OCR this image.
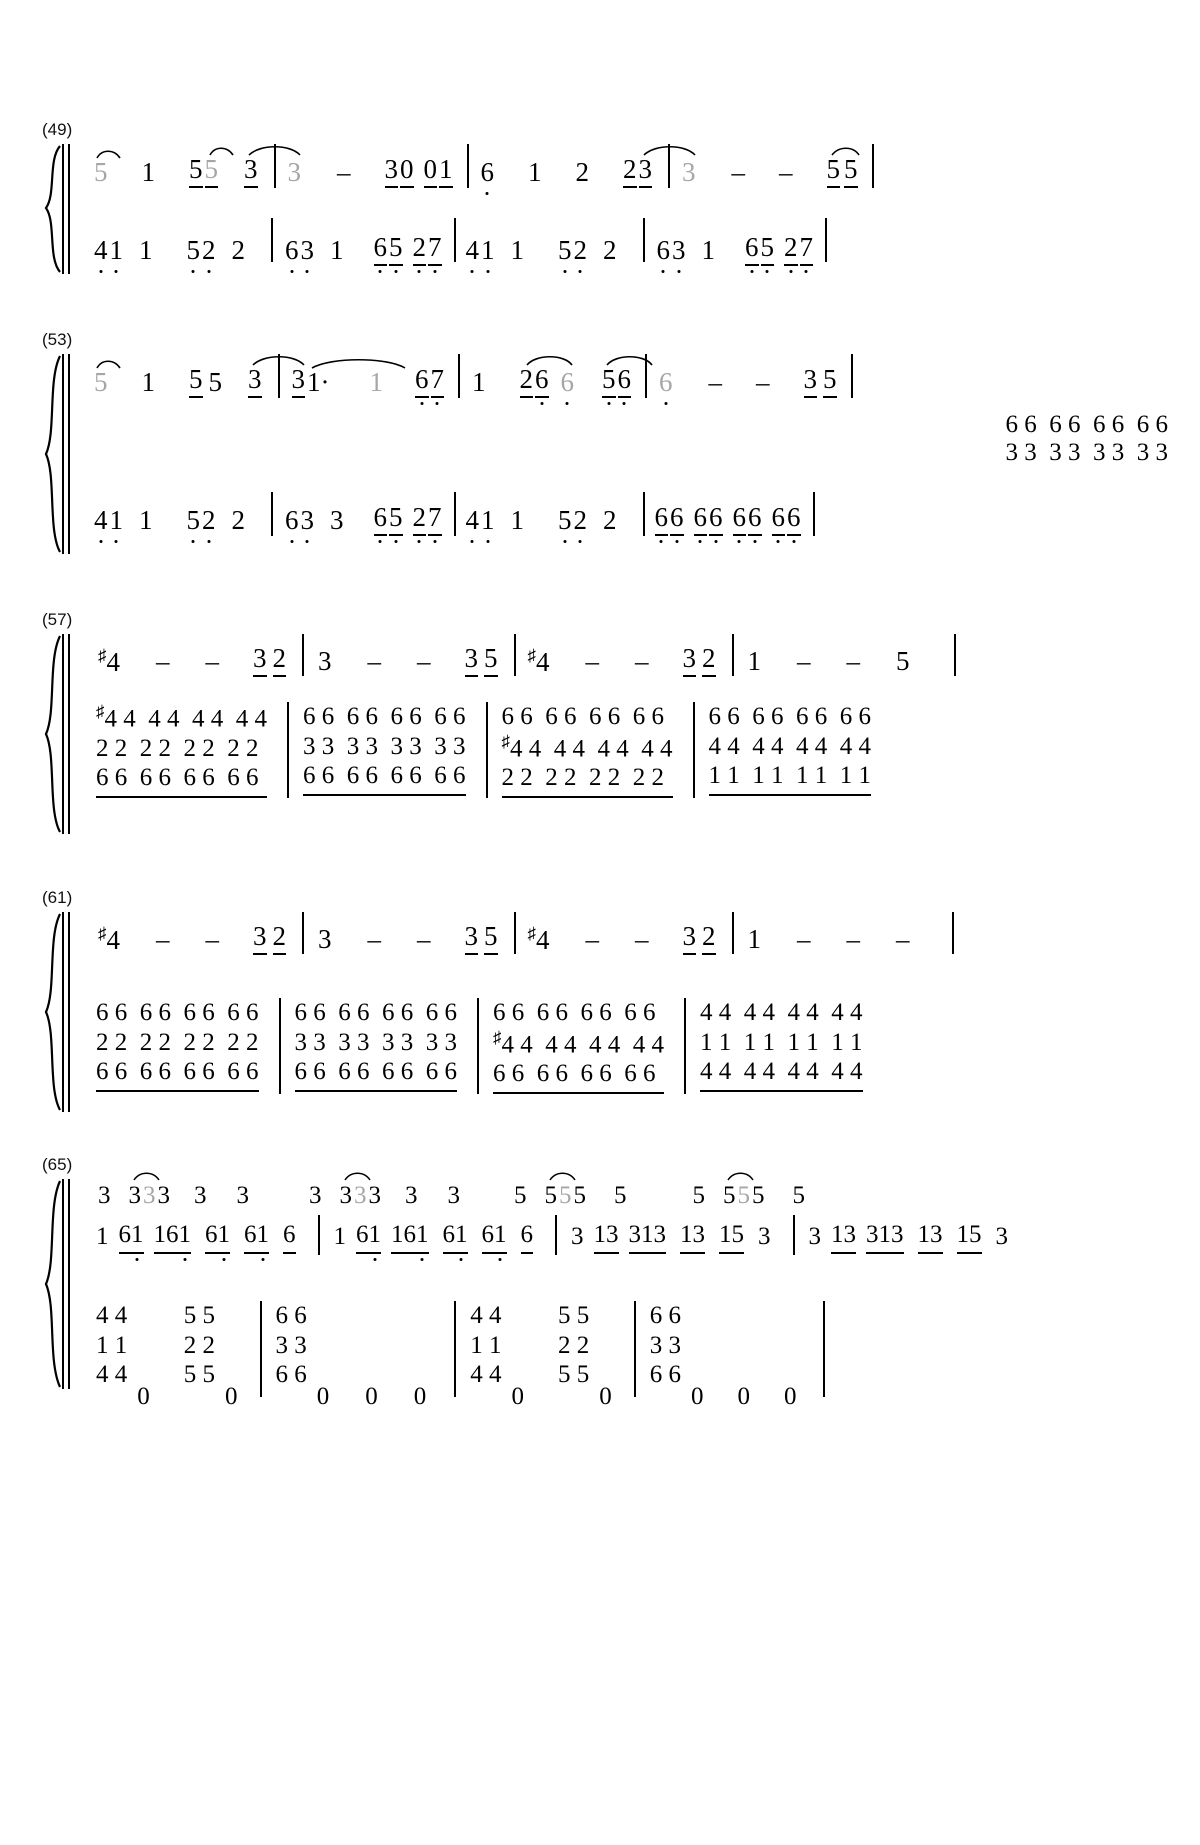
(49)
5 1 5 5 3 3 – 3 0 0 1 6 1 2 2 3 3 – – 5 5
4 1 1 5 2 2 6 3 1 6 5 2 7 4 1 1 5 2 2 6 3 1 6 5 2 7
(53)
5 1 5 5 3 3 1· 1 6 7 1 2 6 6 5 6 6 – – 3 5
6 6  6 6  6 6  6 6
3 3  3 3  3 3  3 3
4 1 1 5 2 2 6 3 3 6 5 2 7 4 1 1 5 2 2 6 6 6 6 6 6 6 6
(57)
♯4 – – 3 2 3 – – 3 5 ♯4 – – 3 2 1 – – 5
♯4 4  4 4  4 4  4 4
2 2  2 2  2 2  2 2
6 6  6 6  6 6  6 6
6 6  6 6  6 6  6 6
3 3  3 3  3 3  3 3
6 6  6 6  6 6  6 6
6 6  6 6  6 6  6 6
♯4 4  4 4  4 4  4 4
2 2  2 2  2 2  2 2
6 6  6 6  6 6  6 6
4 4  4 4  4 4  4 4
1 1  1 1  1 1  1 1
(61)
♯4 – – 3 2 3 – – 3 5 ♯4 – – 3 2 1 – – –
6 6  6 6  6 6  6 6
2 2  2 2  2 2  2 2
6 6  6 6  6 6  6 6
6 6  6 6  6 6  6 6
3 3  3 3  3 3  3 3
6 6  6 6  6 6  6 6
6 6  6 6  6 6  6 6
♯4 4  4 4  4 4  4 4
6 6  6 6  6 6  6 6
4 4  4 4  4 4  4 4
1 1  1 1  1 1  1 1
4 4  4 4  4 4  4 4
(65)
3 3 3 3 3 3 3 3 3 3 3 3 5 5 5 5 5	5 5 5 5 5
1 6 1 1 6 1 6 1 6 1 6 1 6 1 1 6 1 6 1 6 1 6 3 1 3 3 1 3 1 3 1 5 3 3 1 3 3 1 3 1 3 1 5 3
4 4
1 1
4 4
0
5 5
2 2
5 5
0
6 6
3 3
6 6
0 0 0
4 4
1 1
4 4
0
5 5
2 2
5 5
0
6 6
3 3
6 6
0 0 0
